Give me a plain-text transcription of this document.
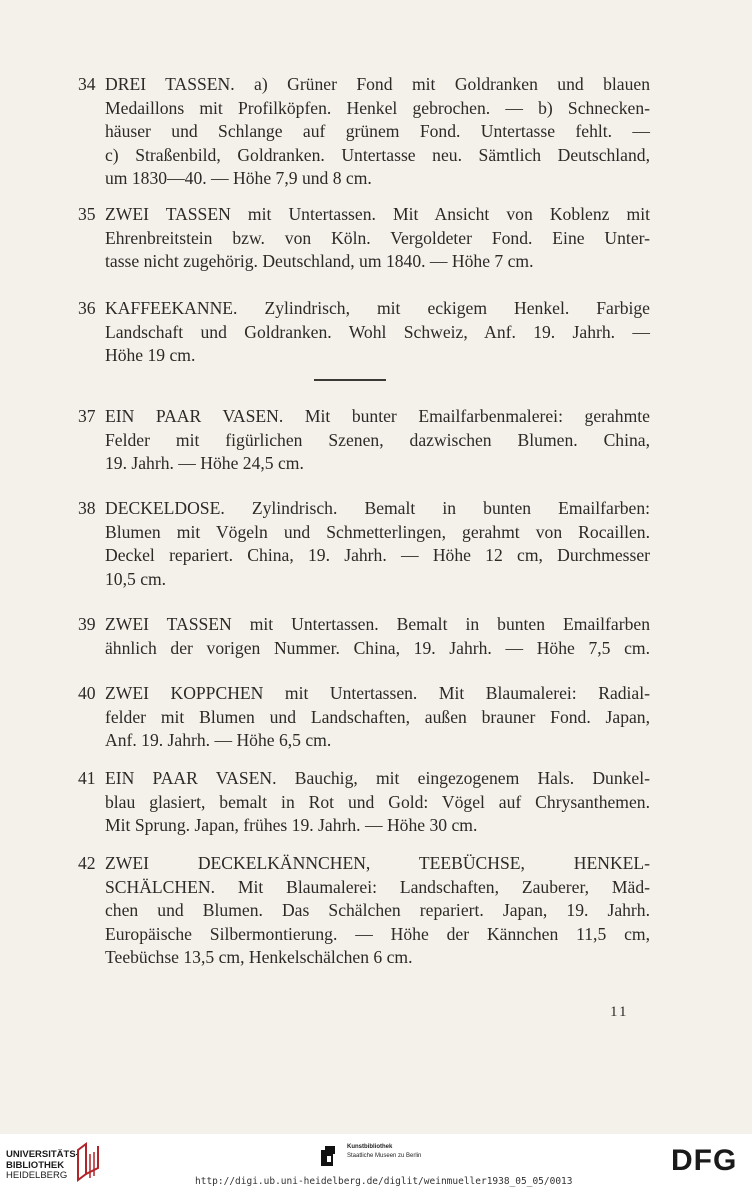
34 DREI TASSEN. a) Grüner Fond mit Goldranken und blauen
Medaillons mit Profilköpfen. Henkel gebrochen. — b) Schnecken-
häuser und Schlange auf grünem Fond. Untertasse fehlt. —
c) Straßenbild, Goldranken. Untertasse neu. Sämtlich Deutschland,
um 1830—40. — Höhe 7,9 und 8 cm.
35 ZWEI TASSEN mit Untertassen. Mit Ansicht von Koblenz mit
Ehrenbreitstein bzw. von Köln. Vergoldeter Fond. Eine Unter-
tasse nicht zugehörig. Deutschland, um 1840. — Höhe 7 cm.
36 KAFFEEKANNE. Zylindrisch, mit eckigem Henkel. Farbige
Landschaft und Goldranken. Wohl Schweiz, Anf. 19. Jahrh. —
Höhe 19 cm.
37 EIN PAAR VASEN. Mit bunter Emailfarbenmalerei: gerahmte
Felder mit figürlichen Szenen, dazwischen Blumen. China,
19. Jahrh. — Höhe 24,5 cm.
38 DECKELDOSE. Zylindrisch. Bemalt in bunten Emailfarben:
Blumen mit Vögeln und Schmetterlingen, gerahmt von Rocaillen.
Deckel repariert. China, 19. Jahrh. — Höhe 12 cm, Durchmesser
10,5 cm.
39 ZWEI TASSEN mit Untertassen. Bemalt in bunten Emailfarben
ähnlich der vorigen Nummer. China, 19. Jahrh. — Höhe 7,5 cm.
40 ZWEI KOPPCHEN mit Untertassen. Mit Blaumalerei: Radial-
felder mit Blumen und Landschaften, außen brauner Fond. Japan,
Anf. 19. Jahrh. — Höhe 6,5 cm.
41 EIN PAAR VASEN. Bauchig, mit eingezogenem Hals. Dunkel-
blau glasiert, bemalt in Rot und Gold: Vögel auf Chrysanthemen.
Mit Sprung. Japan, frühes 19. Jahrh. — Höhe 30 cm.
42 ZWEI DECKELKÄNNCHEN, TEEBÜCHSE, HENKEL-
SCHÄLCHEN. Mit Blaumalerei: Landschaften, Zauberer, Mäd-
chen und Blumen. Das Schälchen repariert. Japan, 19. Jahrh.
Europäische Silbermontierung. — Höhe der Kännchen 11,5 cm,
Teebüchse 13,5 cm, Henkelschälchen 6 cm.
11
UNIVERSITÄTS-
BIBLIOTHEK
HEIDELBERG
Kunstbibliothek
Staatliche Museen zu Berlin	DFG
http://digi.ub.uni-heidelberg.de/diglit/weinmueller1938_05_05/0013
